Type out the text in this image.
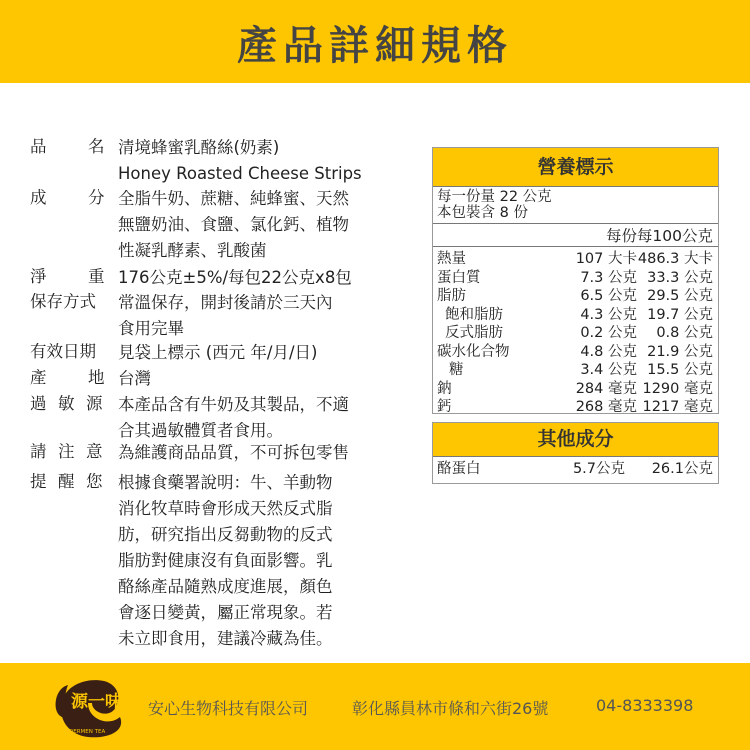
產品詳細規格
品	名 清境蜂蜜乳酪絲(奶素)
Honey Roasted Cheese Strips
成	分 全脂牛奶、蔗糖、純蜂蜜、天然
無鹽奶油、食鹽、氯化鈣、植物
性凝乳酵素、乳酸菌
淨	重 176公克±5%/每包22公克x8包
保存方式 常溫保存，開封後請於三天內
食用完畢
有效日期 見袋上標示 (西元 年/月/日)
產	地 台灣
過 敏 源 本產品含有牛奶及其製品，不適
合其過敏體質者食用。
請 注 意 為維護商品品質，不可拆包零售
提 醒 您 根據食藥署說明：牛、羊動物
消化牧草時會形成天然反式脂
肪，研究指出反芻動物的反式
脂肪對健康沒有負面影響。乳
酪絲產品隨熟成度進展，顏色
會逐日變黃，屬正常現象。若
未立即食用，建議冷藏為佳。
營養標示
每一份量 22 公克
本包裝含 8 份
每份 每100公克
熱量	107 大卡 486.3 大卡
蛋白質	7.3 公克 33.3 公克
脂肪	6.5 公克 29.5 公克
飽和脂肪	4.3 公克 19.7 公克
反式脂肪	0.2 公克	0.8 公克
碳水化合物	4.8 公克 21.9 公克
糖	3.4 公克 15.5 公克
鈉	284 毫克 1290 毫克
鈣	268 毫克 1217 毫克
其他成分
酪蛋白	5.7公克	26.1公克
源一味事
DERMEN TEA
安心生物科技有限公司	彰化縣員林市條和六街26號	04-8333398
